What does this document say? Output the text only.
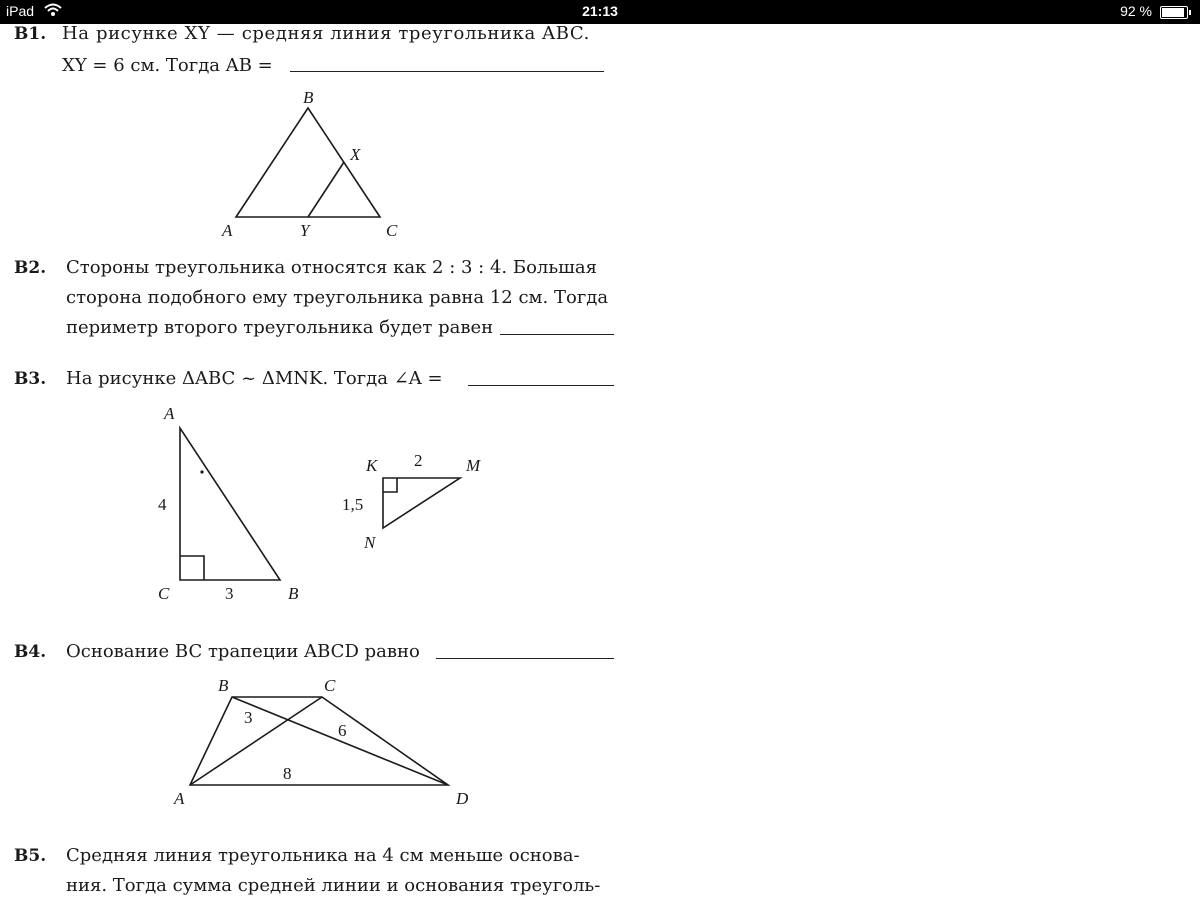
iPad	21:13	92 %
B1. На рисунке XY — средняя линия треугольника ABC.
XY = 6 см. Тогда AB =
B
X
A	Y	C
B2. Стороны треугольника относятся как 2 : 3 : 4. Большая
сторона подобного ему треугольника равна 12 см. Тогда
периметр второго треугольника будет равен
B3. На рисунке ΔABC ~ ΔMNK. Тогда ∠A =
A
4
C	3	B
K 2	M
1,5
N
B4. Основание BC трапеции ABCD равно
B	C
3
6
8
A	D
B5. Средняя линия треугольника на 4 см меньше основа-
ния. Тогда сумма средней линии и основания треуголь-
